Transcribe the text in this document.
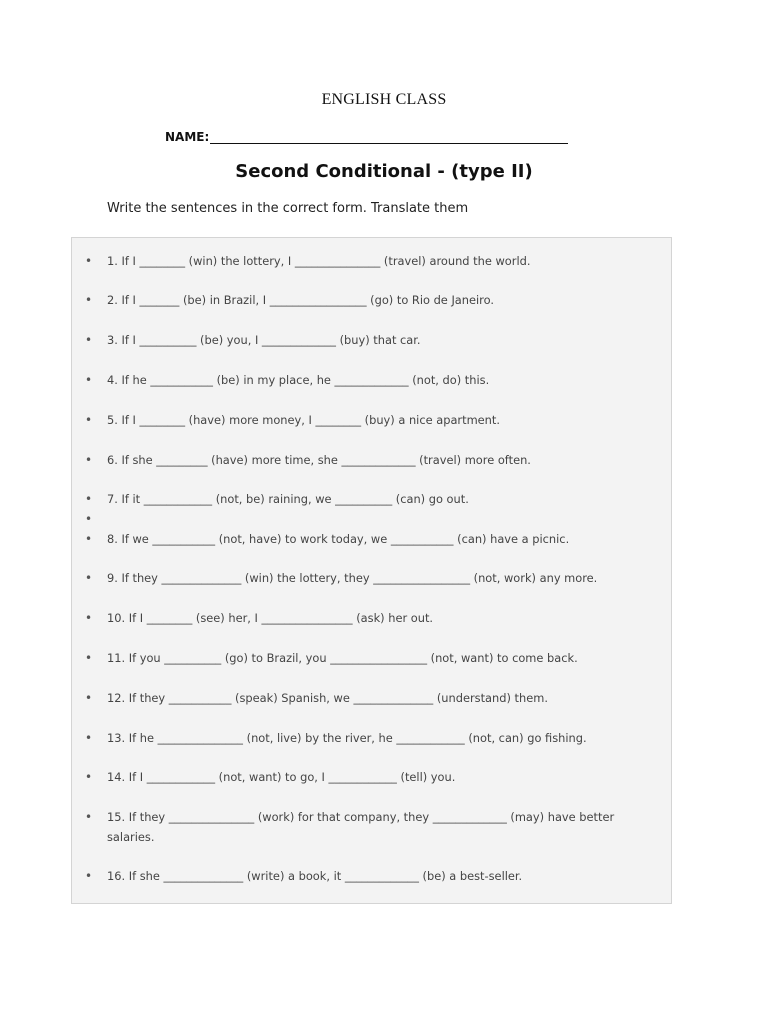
ENGLISH CLASS
NAME:
Second Conditional - (type II)
Write the sentences in the correct form. Translate them
• 1. If I ________ (win) the lottery, I _______________ (travel) around the world.
• 2. If I _______ (be) in Brazil, I _________________ (go) to Rio de Janeiro.
• 3. If I __________ (be) you, I _____________ (buy) that car.
• 4. If he ___________ (be) in my place, he _____________ (not, do) this.
• 5. If I ________ (have) more money, I ________ (buy) a nice apartment.
• 6. If she _________ (have) more time, she _____________ (travel) more often.
• 7. If it ____________ (not, be) raining, we __________ (can) go out.
•
• 8. If we ___________ (not, have) to work today, we ___________ (can) have a picnic.
• 9. If they ______________ (win) the lottery, they _________________ (not, work) any more.
• 10. If I ________ (see) her, I ________________ (ask) her out.
• 11. If you __________ (go) to Brazil, you _________________ (not, want) to come back.
• 12. If they ___________ (speak) Spanish, we ______________ (understand) them.
• 13. If he _______________ (not, live) by the river, he ____________ (not, can) go fishing.
• 14. If I ____________ (not, want) to go, I ____________ (tell) you.
• 15. If they _______________ (work) for that company, they _____________ (may) have better salaries.
• 16. If she ______________ (write) a book, it _____________ (be) a best-seller.
